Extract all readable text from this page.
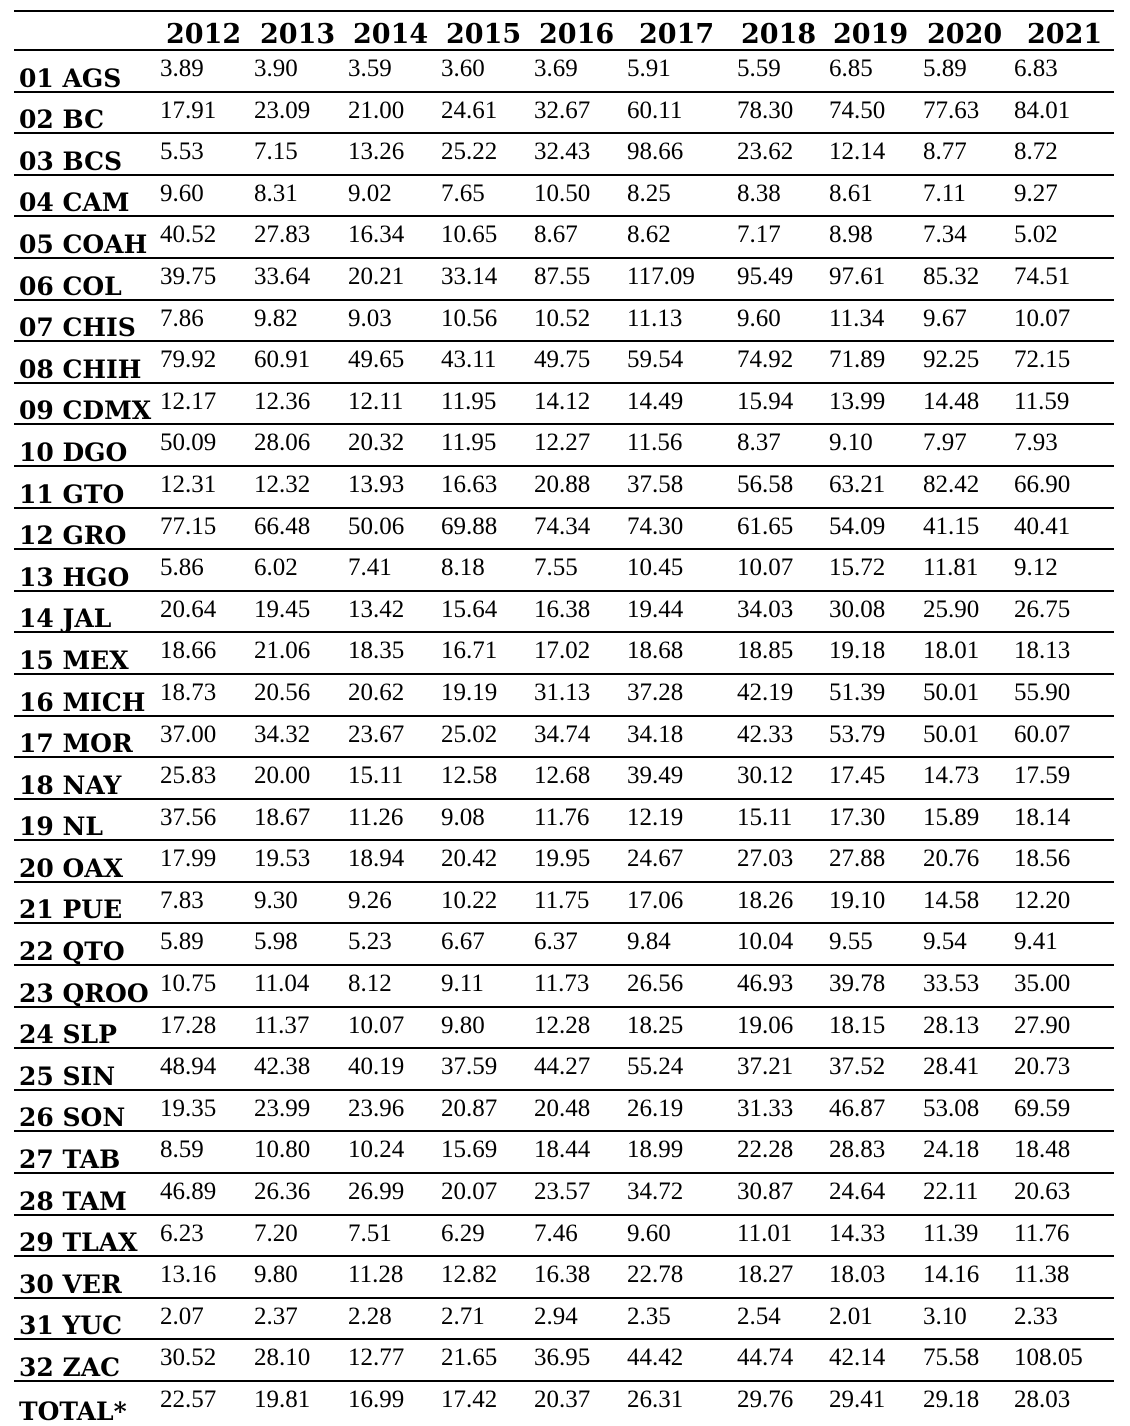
2012 2013 2014 2015 2016 2017 2018 2019 2020 2021
01 AGS 3.89 3.90 3.59 3.60 3.69 5.91	5.59 6.85 5.89 6.83
02 BC 17.91 23.09 21.00 24.61 32.67 60.11 78.30 74.50 77.63 84.01
03 BCS 5.53 7.15 13.26 25.22 32.43 98.66 23.62 12.14 8.77 8.72
04 CAM 9.60 8.31 9.02 7.65 10.50 8.25	8.38 8.61 7.11 9.27
05 COAH 40.52 27.83 16.34 10.65 8.67 8.62	7.17 8.98 7.34 5.02
06 COL 39.75 33.64 20.21 33.14 87.55 117.09 95.49 97.61 85.32 74.51
07 CHIS 7.86 9.82 9.03 10.56 10.52 11.13 9.60 11.34 9.67 10.07
08 CHIH 79.92 60.91 49.65 43.11 49.75 59.54 74.92 71.89 92.25 72.15
09 CDMX 12.17 12.36 12.11 11.95 14.12 14.49 15.94 13.99 14.48 11.59
10 DGO 50.09 28.06 20.32 11.95 12.27 11.56 8.37 9.10 7.97 7.93
11 GTO 12.31 12.32 13.93 16.63 20.88 37.58 56.58 63.21 82.42 66.90
12 GRO 77.15 66.48 50.06 69.88 74.34 74.30 61.65 54.09 41.15 40.41
13 HGO 5.86 6.02 7.41 8.18 7.55 10.45 10.07 15.72 11.81 9.12
14 JAL 20.64 19.45 13.42 15.64 16.38 19.44 34.03 30.08 25.90 26.75
15 MEX 18.66 21.06 18.35 16.71 17.02 18.68 18.85 19.18 18.01 18.13
16 MICH 18.73 20.56 20.62 19.19 31.13 37.28 42.19 51.39 50.01 55.90
17 MOR 37.00 34.32 23.67 25.02 34.74 34.18 42.33 53.79 50.01 60.07
18 NAY 25.83 20.00 15.11 12.58 12.68 39.49 30.12 17.45 14.73 17.59
19 NL 37.56 18.67 11.26 9.08 11.76 12.19 15.11 17.30 15.89 18.14
20 OAX 17.99 19.53 18.94 20.42 19.95 24.67 27.03 27.88 20.76 18.56
21 PUE 7.83 9.30 9.26 10.22 11.75 17.06 18.26 19.10 14.58 12.20
22 QTO 5.89 5.98 5.23 6.67 6.37 9.84	10.04 9.55 9.54 9.41
23 QROO 10.75 11.04 8.12 9.11 11.73 26.56 46.93 39.78 33.53 35.00
24 SLP 17.28 11.37 10.07 9.80 12.28 18.25 19.06 18.15 28.13 27.90
25 SIN 48.94 42.38 40.19 37.59 44.27 55.24 37.21 37.52 28.41 20.73
26 SON 19.35 23.99 23.96 20.87 20.48 26.19 31.33 46.87 53.08 69.59
27 TAB 8.59 10.80 10.24 15.69 18.44 18.99 22.28 28.83 24.18 18.48
28 TAM 46.89 26.36 26.99 20.07 23.57 34.72 30.87 24.64 22.11 20.63
29 TLAX 6.23 7.20 7.51 6.29 7.46 9.60	11.01 14.33 11.39 11.76
30 VER 13.16 9.80 11.28 12.82 16.38 22.78 18.27 18.03 14.16 11.38
31 YUC 2.07 2.37 2.28 2.71 2.94 2.35	2.54 2.01 3.10 2.33
32 ZAC 30.52 28.10 12.77 21.65 36.95 44.42 44.74 42.14 75.58 108.05
TOTAL* 22.57 19.81 16.99 17.42 20.37 26.31 29.76 29.41 29.18 28.03
